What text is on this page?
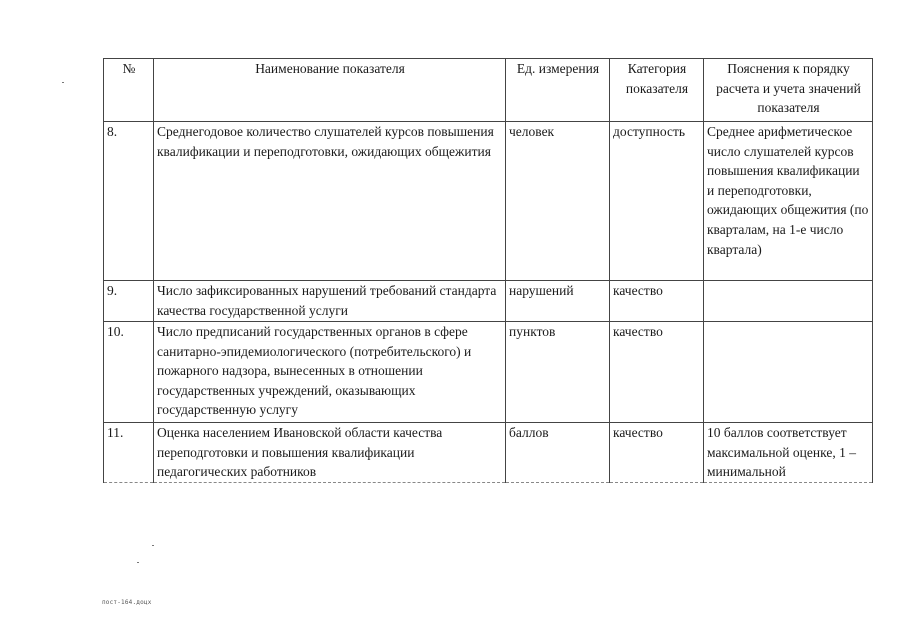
№	Наименование показателя	Ед. измерения	Категория показателя	Пояснения к порядку расчета и учета значений показателя
8.	Среднегодовое количество слушателей курсов повышения квалификации и переподготовки, ожидающих общежития	человек	доступность	Среднее арифметическое число слушателей курсов повышения квалификации и переподготовки, ожидающих общежития (по кварталам, на 1-е число квартала)
9.	Число зафиксированных нарушений требований стандарта качества государственной услуги	нарушений	качество	
10.	Число предписаний государственных органов в сфере санитарно-эпидемиологического (потребительского) и пожарного надзора, вынесенных в отношении государственных учреждений, оказывающих государственную услугу	пунктов	качество	
11.	Оценка населением Ивановской области качества переподготовки и повышения квалификации педагогических работников	баллов	качество	10 баллов соответствует максимальной оценке, 1 – минимальной
пост-164.доцх
